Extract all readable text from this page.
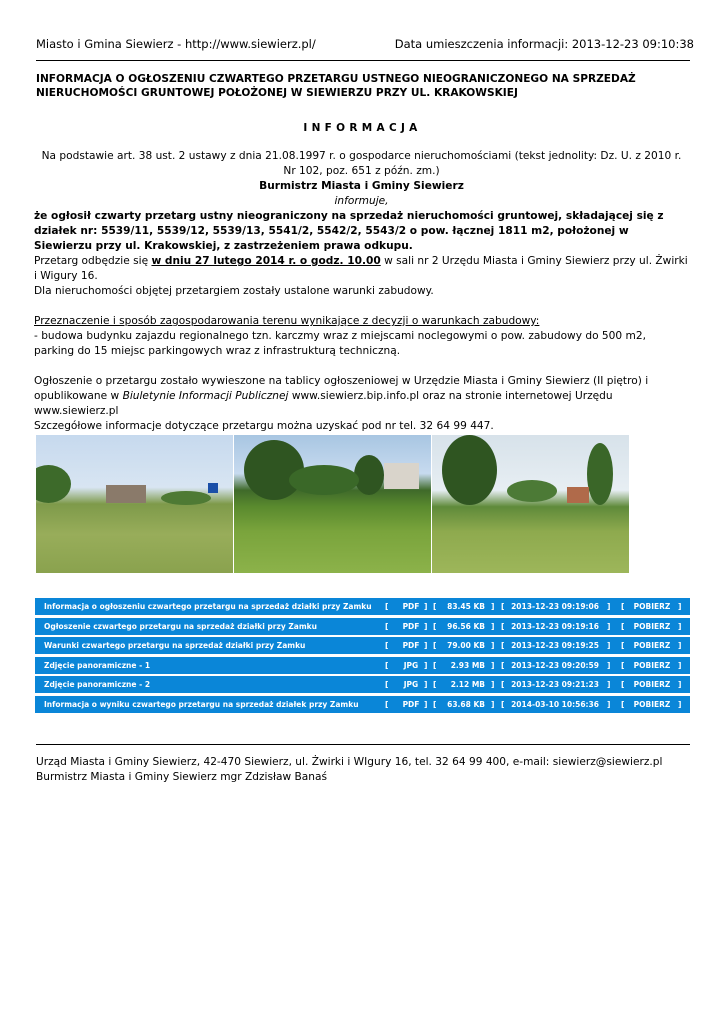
Miasto i Gmina Siewierz - http://www.siewierz.pl/	Data umieszczenia informacji: 2013-12-23 09:10:38
INFORMACJA O OGŁOSZENIU CZWARTEGO PRZETARGU USTNEGO NIEOGRANICZONEGO NA SPRZEDAŻ NIERUCHOMOŚCI GRUNTOWEJ POŁOŻONEJ W SIEWIERZU PRZY UL. KRAKOWSKIEJ
INFORMACJA

Na podstawie art. 38 ust. 2 ustawy z dnia 21.08.1997 r. o gospodarce nieruchomościami (tekst jednolity: Dz. U. z 2010 r. Nr 102, poz. 651 z późn. zm.)

Burmistrz Miasta i Gminy Siewierz

informuje,

że ogłosił czwarty przetarg ustny nieograniczony na sprzedaż nieruchomości gruntowej, składającej się z działek nr: 5539/11, 5539/12, 5539/13, 5541/2, 5542/2, 5543/2 o pow. łącznej 1811 m2, położonej w Siewierzu przy ul. Krakowskiej, z zastrzeżeniem prawa odkupu.

Przetarg odbędzie się w dniu 27 lutego 2014 r. o godz. 10.00 w sali nr 2 Urzędu Miasta i Gminy Siewierz przy ul. Żwirki i Wigury 16.

Dla nieruchomości objętej przetargiem zostały ustalone warunki zabudowy.

Przeznaczenie i sposób zagospodarowania terenu wynikające z decyzji o warunkach zabudowy:

- budowa budynku zajazdu regionalnego tzn. karczmy wraz z miejscami noclegowymi o pow. zabudowy do 500 m2, parking do 15 miejsc parkingowych wraz z infrastrukturą techniczną.

Ogłoszenie o przetargu zostało wywieszone na tablicy ogłoszeniowej w Urzędzie Miasta i Gminy Siewierz (II piętro) i opublikowane w Biuletynie Informacji Publicznej www.siewierz.bip.info.pl oraz na stronie internetowej Urzędu www.siewierz.pl

Szczegółowe informacje dotyczące przetargu można uzyskać pod nr tel. 32 64 99 447.

Informacja o ogłoszeniu czwartego przetargu na sprzedaż działki przy Zamku [	PDF ] [	83.45 KB ] [ 2013-12-23 09:19:06 ] [	POBIERZ	]
Ogłoszenie czwartego przetargu na sprzedaż działki przy Zamku	[	PDF ] [	96.56 KB ] [ 2013-12-23 09:19:16 ] [	POBIERZ	]
Warunki czwartego przetargu na sprzedaż działki przy Zamku	[	PDF ] [	79.00 KB ] [ 2013-12-23 09:19:25 ] [	POBIERZ	]
Zdjęcie panoramiczne - 1	[	JPG ] [	2.93 MB ] [ 2013-12-23 09:20:59 ] [	POBIERZ	]
Zdjęcie panoramiczne - 2	[	JPG ] [	2.12 MB ] [ 2013-12-23 09:21:23 ] [	POBIERZ	]
Informacja o wyniku czwartego przetargu na sprzedaż działek przy Zamku	[	PDF ] [	63.68 KB ] [ 2014-03-10 10:56:36 ] [	POBIERZ	]

Urząd Miasta i Gminy Siewierz, 42-470 Siewierz, ul. Żwirki i WIgury 16, tel. 32 64 99 400, e-mail: siewierz@siewierz.pl

Burmistrz Miasta i Gminy Siewierz mgr Zdzisław Banaś
